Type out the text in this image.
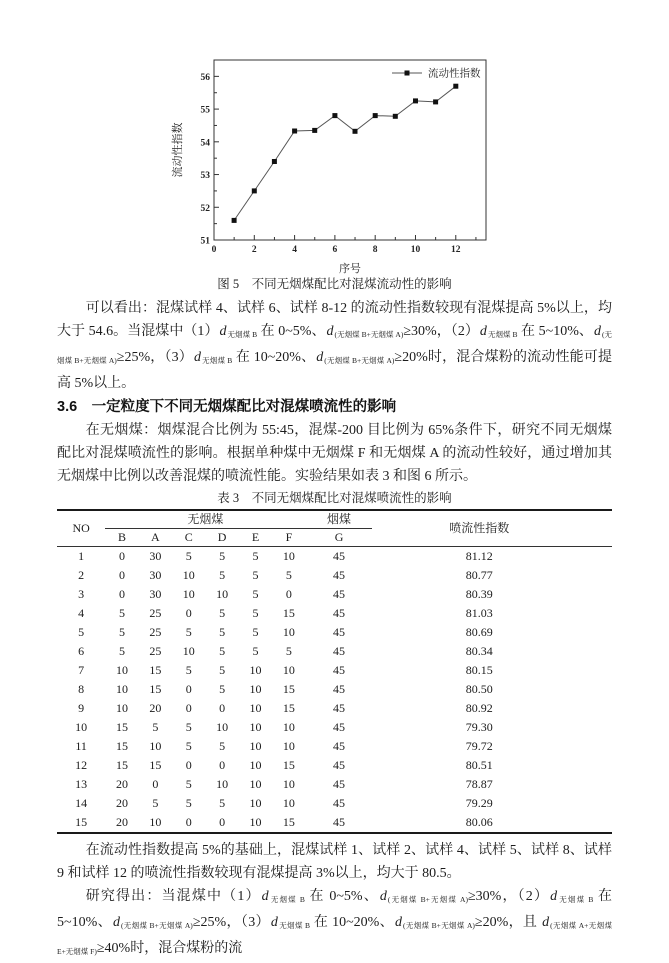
0	2	4	6	8	10	12
51
52
53
54
55
56	流动性指数
序号
流动性指数
图 5　不同无烟煤配比对混煤流动性的影响

可以看出：混煤试样 4、试样 6、试样 8-12 的流动性指数较现有混煤提高 5%以上，均大于 54.6。当混煤中$(1)d_{无烟煤 B}$ 在 0~5%、$d_{(无烟煤 B+无烟煤 A)}\ge 30\%$，$(2)d_{无烟煤 B}$ 在 5~10%、$d_{(无烟煤 B+无烟煤 A)}\ge 25\%$，$(3)d_{无烟煤 B}$ 在 10~20%、$d_{(无烟煤 B+无烟煤 A)}\ge 20\%$时，混合煤粉的流动性能可提高 5%以上。

3.6　一定粒度下不同无烟煤配比对混煤喷流性的影响

在无烟煤：烟煤混合比例为 55:45，混煤-200 目比例为 65%条件下，研究不同无烟煤配比对混煤喷流性的影响。根据单种煤中无烟煤 F 和无烟煤 A 的流动性较好，通过增加其无烟煤中比例以改善混煤的喷流性能。实验结果如表 3 和图 6 所示。

表 3　不同无烟煤配比对混煤喷流性的影响
NO	无烟煤						烟煤	喷流性指数
	B	A	C	D	E	F	G	
1	0	30	5	5	5	10	45	81.12
2	0	30	10	5	5	5	45	80.77
3	0	30	10	10	5	0	45	80.39
4	5	25	0	5	5	15	45	81.03
5	5	25	5	5	5	10	45	80.69
6	5	25	10	5	5	5	45	80.34
7	10	15	5	5	10	10	45	80.15
8	10	15	0	5	10	15	45	80.50
9	10	20	0	0	10	15	45	80.92
10	15	5	5	10	10	10	45	79.30
11	15	10	5	5	10	10	45	79.72
12	15	15	0	0	10	15	45	80.51
13	20	0	5	10	10	10	45	78.87
14	20	5	5	5	10	10	45	79.29
15	20	10	0	0	10	15	45	80.06

在流动性指数提高 5%的基础上，混煤试样 1、试样 2、试样 4、试样 5、试样 8、试样 9 和试样 12 的喷流性指数较现有混煤提高 3%以上，均大于 80.5。

研究得出：当混煤中$(1)d_{无烟煤 B}$ 在 0~5%、$d_{(无烟煤 B+无烟煤 A)}\ge 30\%$，$(2)d_{无烟煤 B}$ 在 5~10%、$d_{(无烟煤 B+无烟煤 A)}\ge 25\%$，$(3)d_{无烟煤 B}$ 在 10~20%、$d_{(无烟煤 B+无烟煤 A)}\ge 20\%$，且 $d_{(无烟煤 A+无烟煤 E+无烟煤 F)}\ge 40\%$时，混合煤粉的流
